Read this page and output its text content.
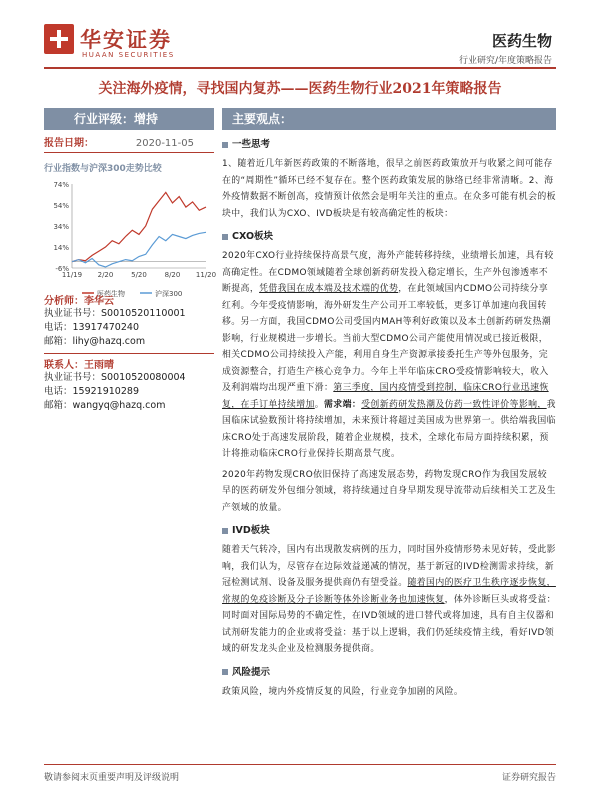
华安证券
HUAAN SECURITIES
医药生物
行业研究/年度策略报告
关注海外疫情，寻找国内复苏——医药生物行业2021年策略报告
行业评级：增持
报告日期：	2020-11-05
行业指数与沪深300走势比较
74%
54%
34%
14%
-6%
11/19 2/20	5/20	8/20 11/20
医药生物	沪深300
分析师：李华云
执业证书号：S0010520110001
电话：13917470240
邮箱：lihy@hazq.com
联系人：王雨晴
执业证书号：S0010520080004
电话：15921910289
邮箱：wangyq@hazq.com
主要观点：
一些思考
1、随着近几年新医药政策的不断落地，很早之前医药政策放开与收紧之间可能存在的“周期性”循环已经不复存在。整个医药政策发展的脉络已经非常清晰。2、海外疫情数据不断创高，疫情预计依然会是明年关注的重点。在众多可能有机会的板块中，我们认为CXO、IVD板块是有较高确定性的板块：
CXO板块
2020年CXO行业持续保持高景气度，海外产能转移持续，业绩增长加速，具有较高确定性。在CDMO领域随着全球创新药研发投入稳定增长，生产外包渗透率不断提高，凭借我国在成本端及技术端的优势，在此领域国内CDMO公司持续分享红利。今年受疫情影响，海外研发生产公司开工率较低，更多订单加速向我国转移。另一方面，我国CDMO公司受国内MAH等利好政策以及本土创新药研发热潮影响，行业规模进一步增长。当前大型CDMO公司产能使用情况或已接近极限，相关CDMO公司持续投入产能，利用自身生产资源承接委托生产等外包服务，完成资源整合，打造生产核心竞争力。今年上半年临床CRO受疫情影响较大，收入及利润端均出现严重下滑：第三季度，国内疫情受到控制，临床CRO行业迅速恢复，在手订单持续增加。需求端：受创新药研发热潮及仿药一致性评价等影响，我国临床试验数预计将持续增加，未来预计将超过美国成为世界第一。供给端我国临床CRO处于高速发展阶段，随着企业规模，技术，全球化布局方面持续积累，预计将推动临床CRO行业保持长期高景气度。
2020年药物发现CRO依旧保持了高速发展态势，药物发现CRO作为我国发展较早的医药研发外包细分领域，将持续通过自身早期发现导流带动后续相关工艺及生产领域的放量。
IVD板块
随着天气转冷，国内有出现散发病例的压力，同时国外疫情形势未见好转，受此影响，我们认为，尽管存在边际效益递减的情况，基于新冠的IVD检测需求持续，新冠检测试剂、设备及服务提供商仍有望受益。随着国内的医疗卫生秩序逐步恢复，常规的免疫诊断及分子诊断等体外诊断业务也加速恢复，体外诊断巨头或将受益：同时面对国际局势的不确定性，在IVD领域的进口替代或将加速，具有自主仪器和试剂研发能力的企业或将受益：基于以上逻辑，我们仍延续疫情主线，看好IVD领域的研发龙头企业及检测服务提供商。
风险提示
政策风险，境内外疫情反复的风险，行业竞争加剧的风险。
敬请参阅末页重要声明及评级说明	证券研究报告
